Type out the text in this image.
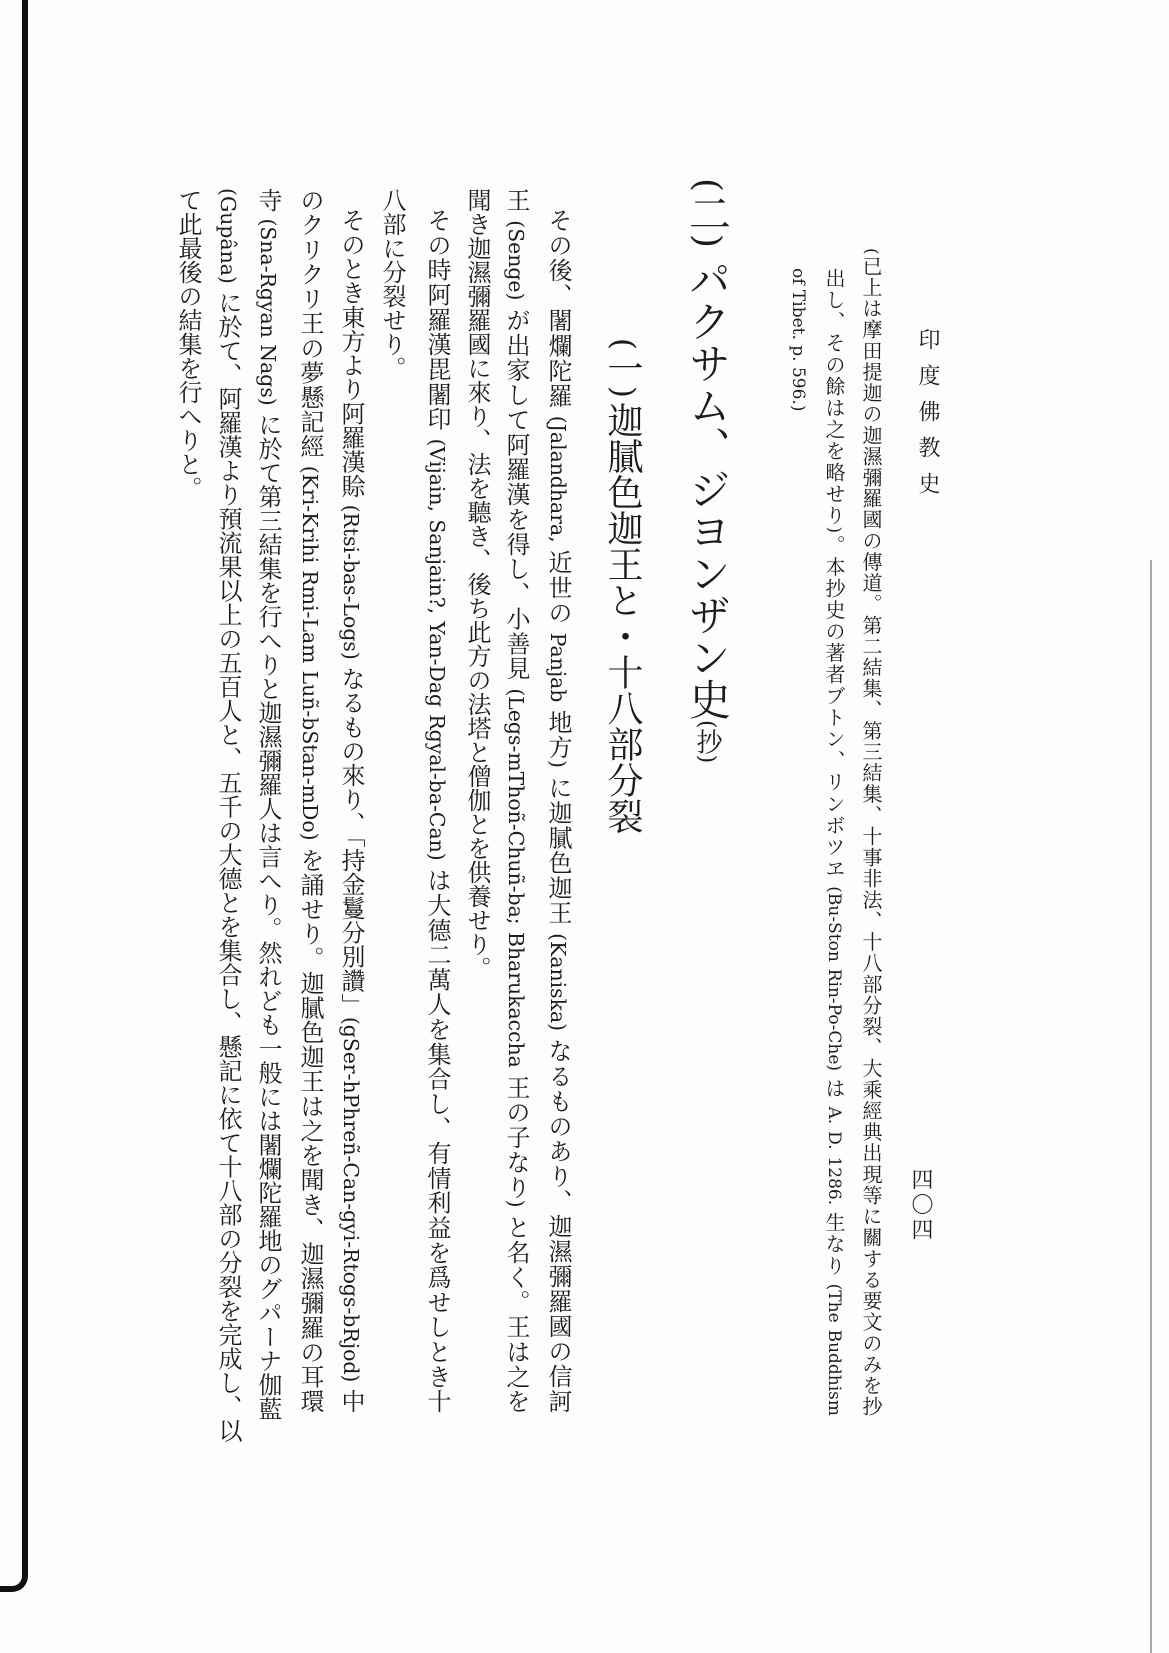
印度佛教史
四〇四
(已上は摩田提迦の迦濕彌羅國の傳道。第二結集、第三結集、十事非法、十八部分裂、大乘經典出現等に關する要文のみを抄
出し、その餘は之を略せり)。本抄史の著者ブトン、リンボツヱ (Bu-Ston Rin-Po-Che) は A. D. 1286. 生なり (The Buddhism
of Tibet. p. 596.)
(二)パクサム、ジヨンザン史(抄)
(一)迦膩色迦王と・十八部分裂
その後、闍爛陀羅 (Jalandhara, 近世の Panjab 地方) に迦膩色迦王 (Kaniska) なるものあり、迦濕彌羅國の信訶
王 (Senge) が出家して阿羅漢を得し、小善見 (Legs-mThoñ-Chuñ-ba; Bharukaccha 王の子なり) と名く。王は之を
聞き迦濕彌羅國に來り、法を聽き、後ち此方の法塔と僧伽とを供養せり。
その時阿羅漢毘闍印 (Vijain, Sanjain?, Yan-Dag Rgyal-ba-Can) は大德二萬人を集合し、有情利益を爲せしとき十
八部に分裂せり。
そのとき東方より阿羅漢賒 (Rtsi-bas-Logs) なるもの來り、「持金鬘分別讚」(gSer-hPhreñ-Can-gyi-Rtogs-bRjod) 中
のクリクリ王の夢懸記經 (Kri-Krihi Rmi-Lam Luñ-bStan-mDo) を誦せり。迦膩色迦王は之を聞き、迦濕彌羅の耳環
寺 (Sna-Rgyan Nags) に於て第三結集を行へりと迦濕彌羅人は言へり。然れども一般には闍爛陀羅地のグパーナ伽藍
(Gupâna) に於て、阿羅漢より預流果以上の五百人と、五千の大德とを集合し、懸記に依て十八部の分裂を完成し、以
て此最後の結集を行へりと。
